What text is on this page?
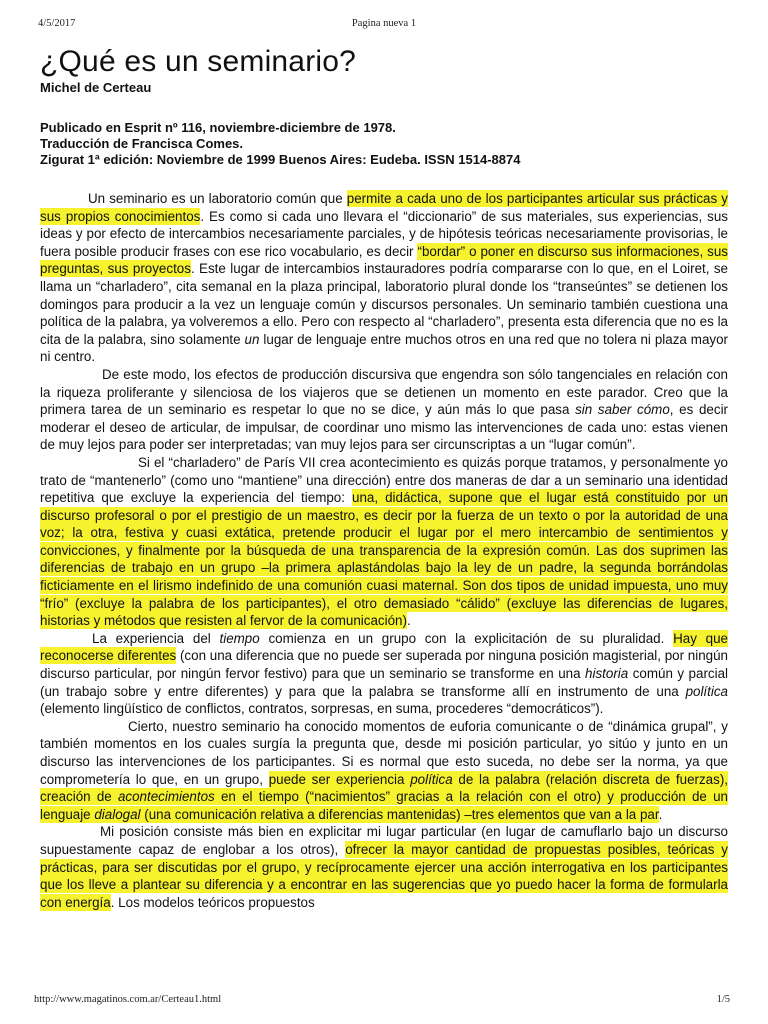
4/5/2017	Pagina nueva 1
¿Qué es un seminario?
Michel de Certeau
Publicado en Esprit nº 116, noviembre-diciembre de 1978.
Traducción de Francisca Comes.
Zigurat 1ª edición: Noviembre de 1999 Buenos Aires: Eudeba. ISSN 1514-8874

Un seminario es un laboratorio común que permite a cada uno de los participantes articular sus prácticas y sus propios conocimientos. Es como si cada uno llevara el “diccionario” de sus materiales, sus experiencias, sus ideas y por efecto de intercambios necesariamente parciales, y de hipótesis teóricas necesariamente provisorias, le fuera posible producir frases con ese rico vocabulario, es decir “bordar” o poner en discurso sus informaciones, sus preguntas, sus proyectos. Este lugar de intercambios instauradores podría compararse con lo que, en el Loiret, se llama un “charladero”, cita semanal en la plaza principal, laboratorio plural donde los “transeúntes” se detienen los domingos para producir a la vez un lenguaje común y discursos personales. Un seminario también cuestiona una política de la palabra, ya volveremos a ello. Pero con respecto al “charladero”, presenta esta diferencia que no es la cita de la palabra, sino solamente un lugar de lenguaje entre muchos otros en una red que no tolera ni plaza mayor ni centro.

De este modo, los efectos de producción discursiva que engendra son sólo tangenciales en relación con la riqueza proliferante y silenciosa de los viajeros que se detienen un momento en este parador. Creo que la primera tarea de un seminario es respetar lo que no se dice, y aún más lo que pasa sin saber cómo, es decir moderar el deseo de articular, de impulsar, de coordinar uno mismo las intervenciones de cada uno: estas vienen de muy lejos para poder ser interpretadas; van muy lejos para ser circunscriptas a un “lugar común”.

Si el “charladero” de París VII crea acontecimiento es quizás porque tratamos, y personalmente yo trato de “mantenerlo” (como uno “mantiene” una dirección) entre dos maneras de dar a un seminario una identidad repetitiva que excluye la experiencia del tiempo: una, didáctica, supone que el lugar está constituido por un discurso profesoral o por el prestigio de un maestro, es decir por la fuerza de un texto o por la autoridad de una voz; la otra, festiva y cuasi extática, pretende producir el lugar por el mero intercambio de sentimientos y convicciones, y finalmente por la búsqueda de una transparencia de la expresión común. Las dos suprimen las diferencias de trabajo en un grupo –la primera aplastándolas bajo la ley de un padre, la segunda borrándolas ficticiamente en el lirismo indefinido de una comunión cuasi maternal. Son dos tipos de unidad impuesta, uno muy “frío” (excluye la palabra de los participantes), el otro demasiado “cálido” (excluye las diferencias de lugares, historias y métodos que resisten al fervor de la comunicación).

La experiencia del tiempo comienza en un grupo con la explicitación de su pluralidad. Hay que reconocerse diferentes (con una diferencia que no puede ser superada por ninguna posición magisterial, por ningún discurso particular, por ningún fervor festivo) para que un seminario se transforme en una historia común y parcial (un trabajo sobre y entre diferentes) y para que la palabra se transforme allí en instrumento de una política (elemento lingüístico de conflictos, contratos, sorpresas, en suma, procederes “democráticos”).

Cierto, nuestro seminario ha conocido momentos de euforia comunicante o de “dinámica grupal”, y también momentos en los cuales surgía la pregunta que, desde mi posición particular, yo sitúo y junto en un discurso las intervenciones de los participantes. Si es normal que esto suceda, no debe ser la norma, ya que comprometería lo que, en un grupo, puede ser experiencia política de la palabra (relación discreta de fuerzas), creación de acontecimientos en el tiempo (“nacimientos” gracias a la relación con el otro) y producción de un lenguaje dialogal (una comunicación relativa a diferencias mantenidas) –tres elementos que van a la par.

Mi posición consiste más bien en explicitar mi lugar particular (en lugar de camuflarlo bajo un discurso supuestamente capaz de englobar a los otros), ofrecer la mayor cantidad de propuestas posibles, teóricas y prácticas, para ser discutidas por el grupo, y recíprocamente ejercer una acción interrogativa en los participantes que los lleve a plantear su diferencia y a encontrar en las sugerencias que yo puedo hacer la forma de formularla con energía. Los modelos teóricos propuestos

http://www.magatinos.com.ar/Certeau1.html	1/5
